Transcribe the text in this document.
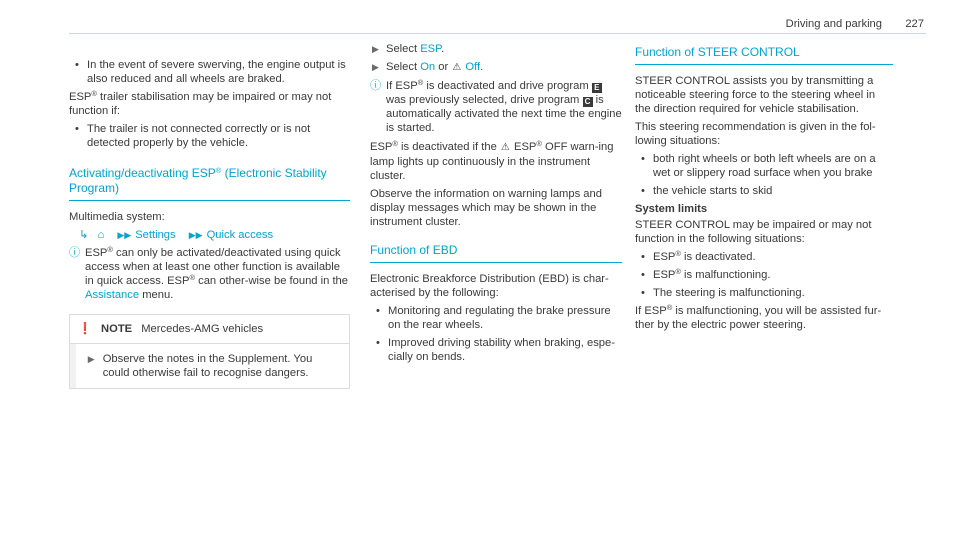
Driving and parking 227
• In the event of severe swerving, the engine output is also reduced and all wheels are braked.

ESP® trailer stabilisation may be impaired or may not function if:

• The trailer is not connected correctly or is not detected properly by the vehicle.
Activating/deactivating ESP® (Electronic Stability Program)

Multimedia system:

↳ ⌂ ▶▶ Settings ▶▶ Quick access
ⓘ ESP® can only be activated/deactivated using quick access when at least one other function is available in quick access. ESP® can other-wise be found in the Assistance menu.
❗ NOTE Mercedes-AMG vehicles
▶ Observe the notes in the Supplement. You could otherwise fail to recognise dangers.
▶ Select ESP.
▶ Select On or ⚠ Off.
ⓘ If ESP® is deactivated and drive program E was previously selected, drive program C is automatically activated the next time the engine is started.

ESP® is deactivated if the ⚠ ESP® OFF warn-ing lamp lights up continuously in the instrument cluster.

Observe the information on warning lamps and display messages which may be shown in the instrument cluster.

Function of EBD

Electronic Breakforce Distribution (EBD) is char-acterised by the following:

• Monitoring and regulating the brake pressure on the rear wheels.
• Improved driving stability when braking, espe-cially on bends.
Function of STEER CONTROL

STEER CONTROL assists you by transmitting a noticeable steering force to the steering wheel in the direction required for vehicle stabilisation.

This steering recommendation is given in the fol-lowing situations:

• both right wheels or both left wheels are on a wet or slippery road surface when you brake
• the vehicle starts to skid
System limits

STEER CONTROL may be impaired or may not function in the following situations:

• ESP® is deactivated.
• ESP® is malfunctioning.
• The steering is malfunctioning.

If ESP® is malfunctioning, you will be assisted fur-ther by the electric power steering.
